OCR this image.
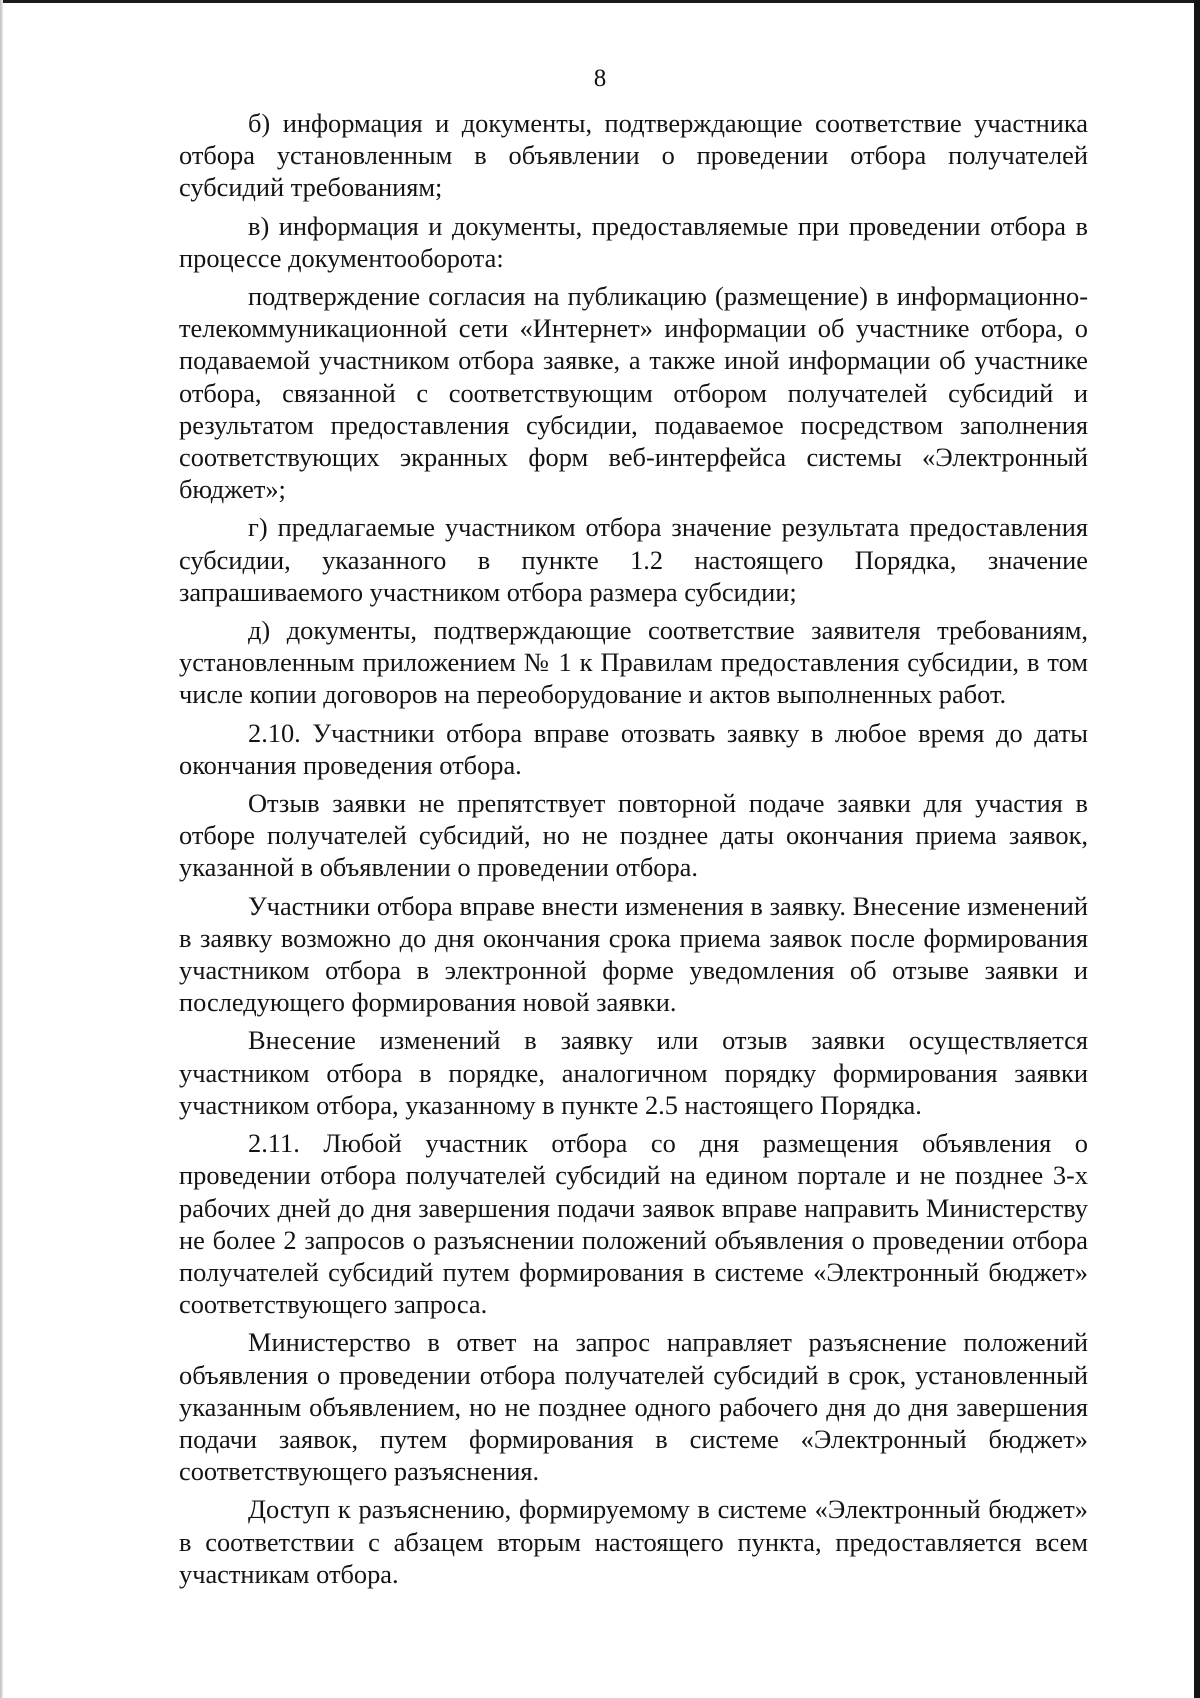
8

б) информация и документы, подтверждающие соответствие участника отбора установленным в объявлении о проведении отбора получателей субсидий требованиям;

в) информация и документы, предоставляемые при проведении отбора в процессе документооборота:

подтверждение согласия на публикацию (размещение) в информационно-телекоммуникационной сети «Интернет» информации об участнике отбора, о подаваемой участником отбора заявке, а также иной информации об участнике отбора, связанной с соответствующим отбором получателей субсидий и результатом предоставления субсидии, подаваемое посредством заполнения соответствующих экранных форм веб-интерфейса системы «Электронный бюджет»;

г) предлагаемые участником отбора значение результата предоставления субсидии, указанного в пункте 1.2 настоящего Порядка, значение запрашиваемого участником отбора размера субсидии;

д) документы, подтверждающие соответствие заявителя требованиям, установленным приложением № 1 к Правилам предоставления субсидии, в том числе копии договоров на переоборудование и актов выполненных работ.

2.10. Участники отбора вправе отозвать заявку в любое время до даты окончания проведения отбора.

Отзыв заявки не препятствует повторной подаче заявки для участия в отборе получателей субсидий, но не позднее даты окончания приема заявок, указанной в объявлении о проведении отбора.

Участники отбора вправе внести изменения в заявку. Внесение изменений в заявку возможно до дня окончания срока приема заявок после формирования участником отбора в электронной форме уведомления об отзыве заявки и последующего формирования новой заявки.

Внесение изменений в заявку или отзыв заявки осуществляется участником отбора в порядке, аналогичном порядку формирования заявки участником отбора, указанному в пункте 2.5 настоящего Порядка.

2.11. Любой участник отбора со дня размещения объявления о проведении отбора получателей субсидий на едином портале и не позднее 3-х рабочих дней до дня завершения подачи заявок вправе направить Министерству не более 2 запросов о разъяснении положений объявления о проведении отбора получателей субсидий путем формирования в системе «Электронный бюджет» соответствующего запроса.

Министерство в ответ на запрос направляет разъяснение положений объявления о проведении отбора получателей субсидий в срок, установленный указанным объявлением, но не позднее одного рабочего дня до дня завершения подачи заявок, путем формирования в системе «Электронный бюджет» соответствующего разъяснения.

Доступ к разъяснению, формируемому в системе «Электронный бюджет» в соответствии с абзацем вторым настоящего пункта, предоставляется всем участникам отбора.
